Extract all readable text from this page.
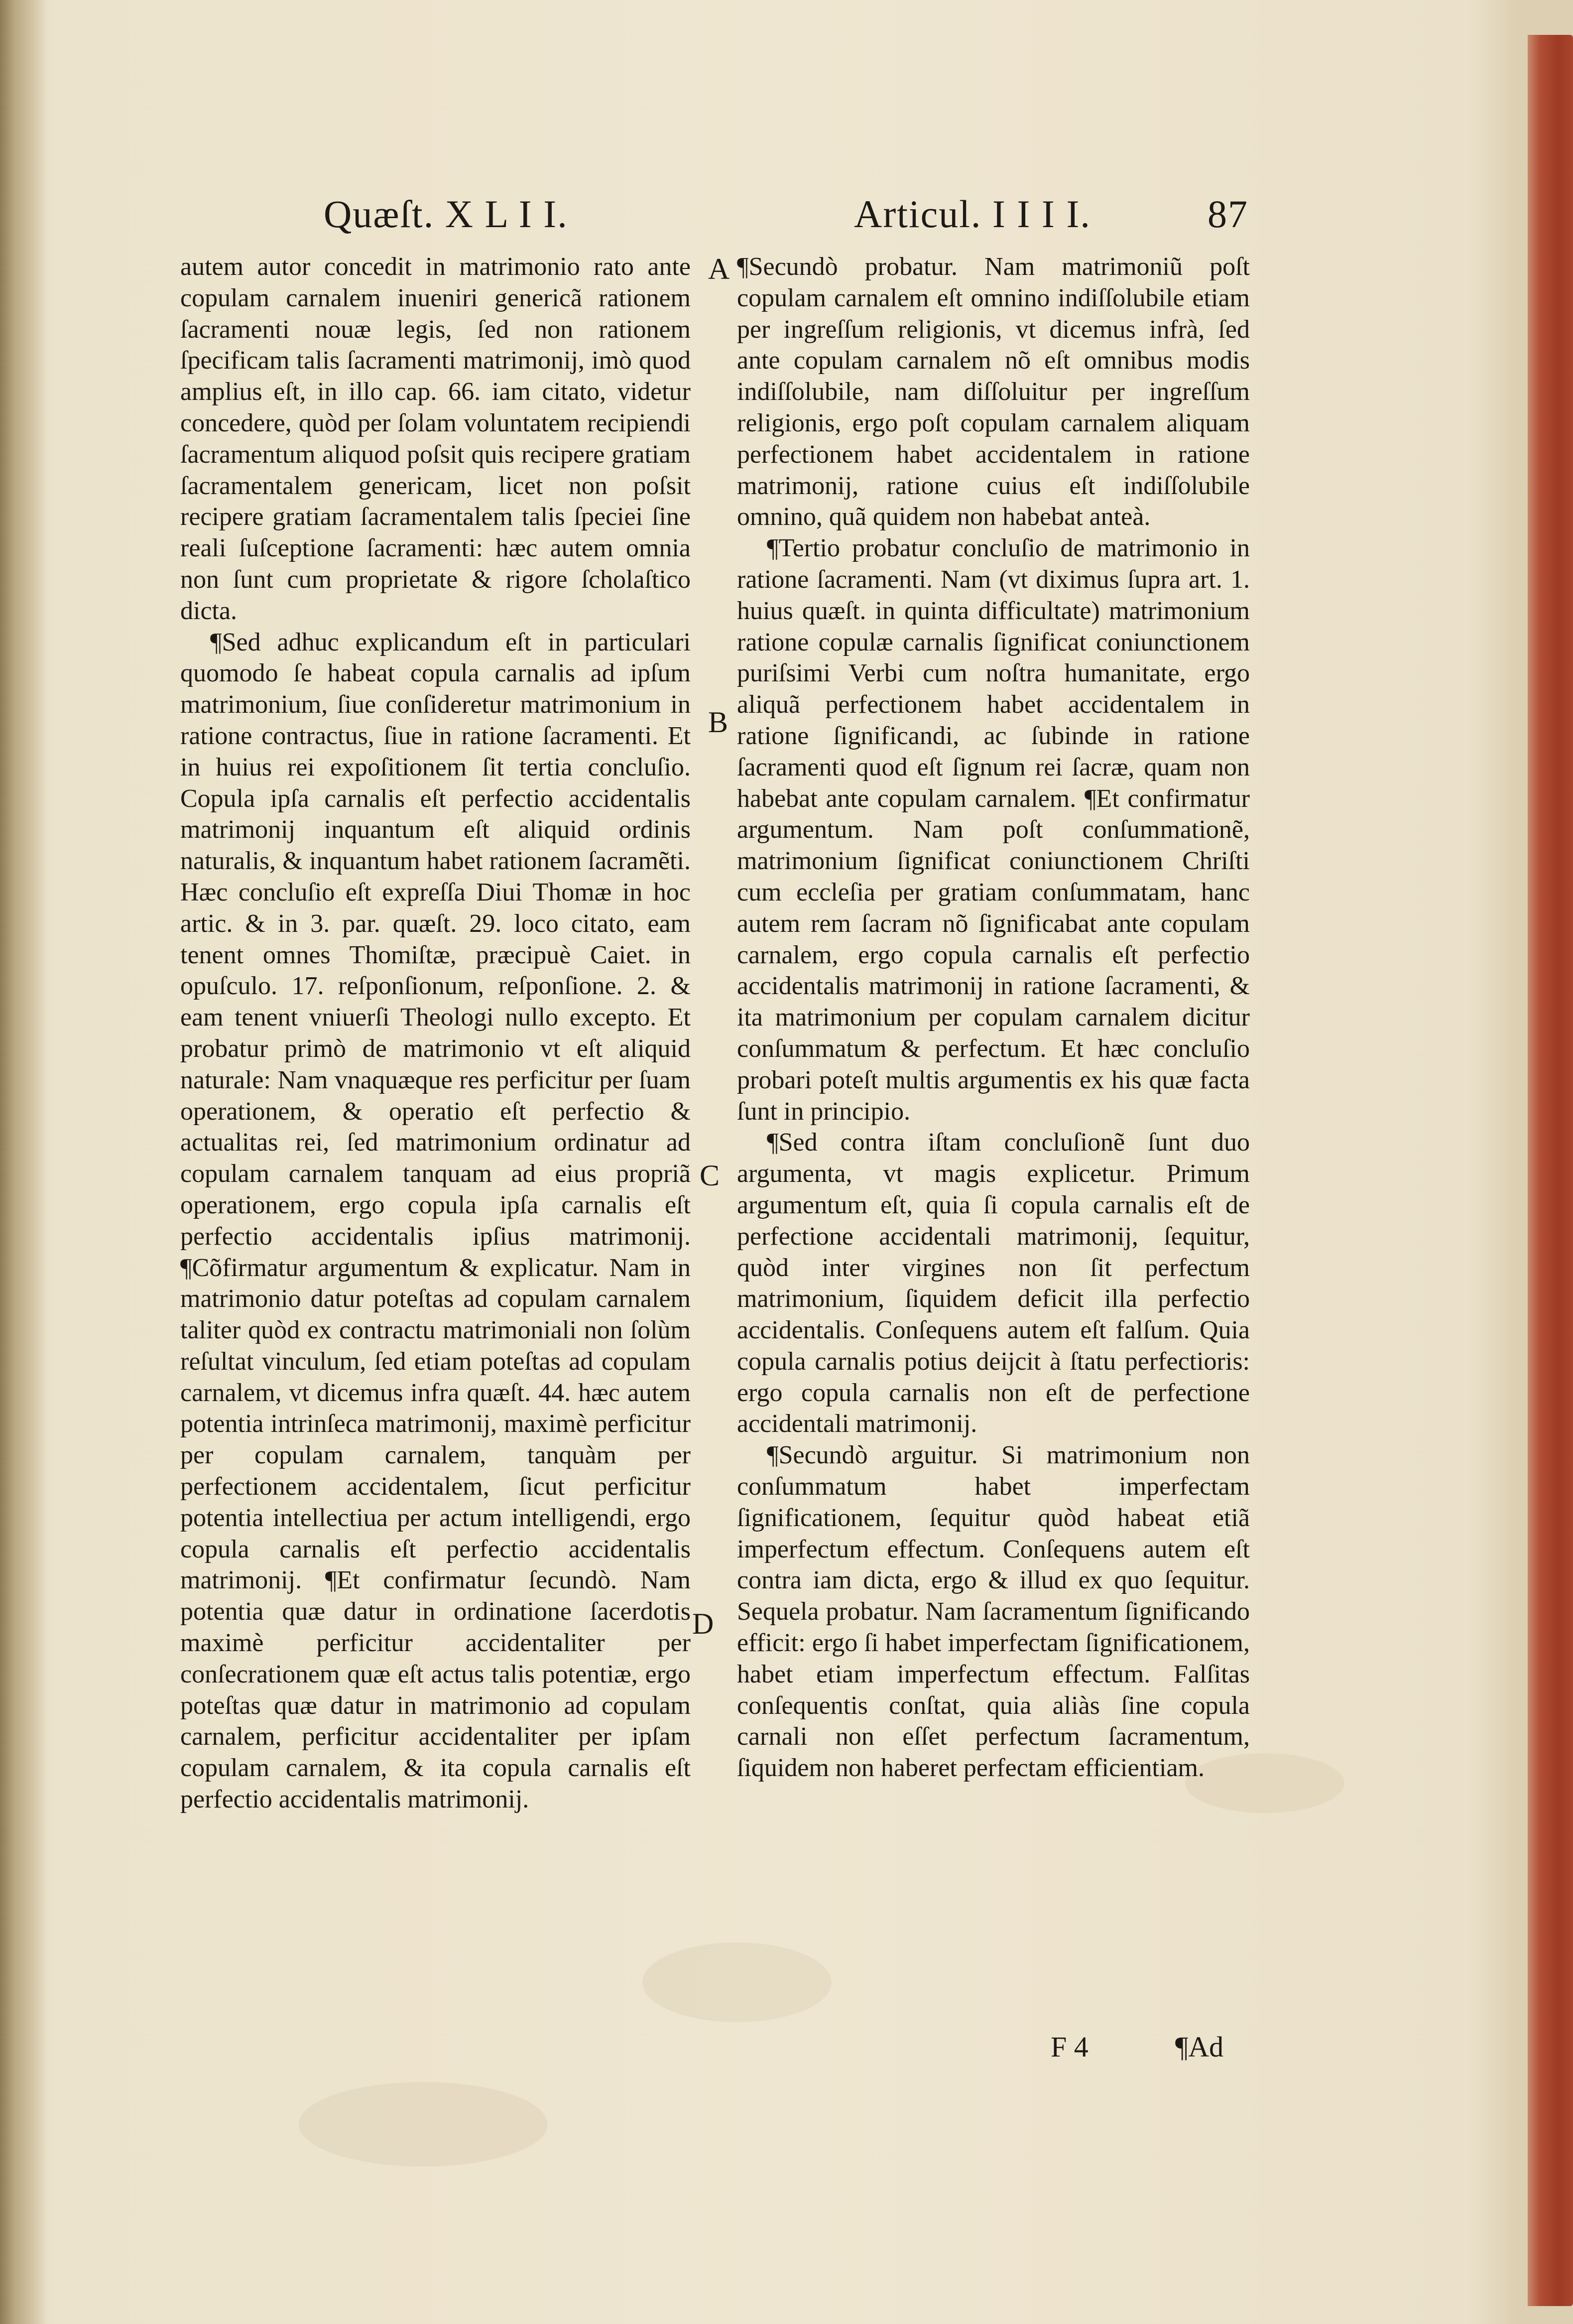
Quæſt. X L I I.	Articul. I I I I.	87

autem autor concedit in matrimonio rato ante copulam carnalem inueniri genericã rationem ſacramenti nouæ legis, ſed non rationem ſpecificam talis ſacramenti matrimonij, imò quod amplius eſt, in illo cap. 66. iam citato, videtur concedere, quòd per ſolam voluntatem recipiendi ſacramentum aliquod poſsit quis recipere gratiam ſacramentalem genericam, licet non poſsit recipere gratiam ſacramentalem talis ſpeciei ſine reali ſuſceptione ſacramenti: hæc autem omnia non ſunt cum proprietate & rigore ſcholaſtico dicta.

¶Sed adhuc explicandum eſt in particulari quomodo ſe habeat copula carnalis ad ipſum matrimonium, ſiue conſideretur matrimonium in ratione contractus, ſiue in ratione ſacramenti. Et in huius rei expoſitionem ſit tertia concluſio. Copula ipſa carnalis eſt perfectio accidentalis matrimonij inquantum eſt aliquid ordinis naturalis, & inquantum habet rationem ſacramẽti. Hæc concluſio eſt expreſſa Diui Thomæ in hoc artic. & in 3. par. quæſt. 29. loco citato, eam tenent omnes Thomiſtæ, præcipuè Caiet. in opuſculo. 17. reſponſionum, reſponſione. 2. & eam tenent vniuerſi Theologi nullo excepto. Et probatur primò de matrimonio vt eſt aliquid naturale: Nam vnaquæque res perficitur per ſuam operationem, & operatio eſt perfectio & actualitas rei, ſed matrimonium ordinatur ad copulam carnalem tanquam ad eius propriã operationem, ergo copula ipſa carnalis eſt perfectio accidentalis ipſius matrimonij. ¶Cõfirmatur argumentum & explicatur. Nam in matrimonio datur poteſtas ad copulam carnalem taliter quòd ex contractu matrimoniali non ſolùm reſultat vinculum, ſed etiam poteſtas ad copulam carnalem, vt dicemus infra quæſt. 44. hæc autem potentia intrinſeca matrimonij, maximè perficitur per copulam carnalem, tanquàm per perfectionem accidentalem, ſicut perficitur potentia intellectiua per actum intelligendi, ergo copula carnalis eſt perfectio accidentalis matrimonij. ¶Et confirmatur ſecundò. Nam potentia quæ datur in ordinatione ſacerdotis maximè perficitur accidentaliter per conſecrationem quæ eſt actus talis potentiæ, ergo poteſtas quæ datur in matrimonio ad copulam carnalem, perficitur accidentaliter per ipſam copulam carnalem, & ita copula carnalis eſt perfectio accidentalis matrimonij.

¶Secundò probatur. Nam matrimoniũ poſt copulam carnalem eſt omnino indiſſolubile etiam per ingreſſum religionis, vt dicemus infrà, ſed ante copulam carnalem nõ eſt omnibus modis indiſſolubile, nam diſſoluitur per ingreſſum religionis, ergo poſt copulam carnalem aliquam perfectionem habet accidentalem in ratione matrimonij, ratione cuius eſt indiſſolubile omnino, quã quidem non habebat anteà.

¶Tertio probatur concluſio de matrimonio in ratione ſacramenti. Nam (vt diximus ſupra art. 1. huius quæſt. in quinta difficultate) matrimonium ratione copulæ carnalis ſignificat coniunctionem puriſsimi Verbi cum noſtra humanitate, ergo aliquã perfectionem habet accidentalem in ratione ſignificandi, ac ſubinde in ratione ſacramenti quod eſt ſignum rei ſacræ, quam non habebat ante copulam carnalem. ¶Et confirmatur argumentum. Nam poſt conſummationẽ, matrimonium ſignificat coniunctionem Chriſti cum eccleſia per gratiam conſummatam, hanc autem rem ſacram nõ ſignificabat ante copulam carnalem, ergo copula carnalis eſt perfectio accidentalis matrimonij in ratione ſacramenti, & ita matrimonium per copulam carnalem dicitur conſummatum & perfectum. Et hæc concluſio probari poteſt multis argumentis ex his quæ facta ſunt in principio.

¶Sed contra iſtam concluſionẽ ſunt duo argumenta, vt magis explicetur. Primum argumentum eſt, quia ſi copula carnalis eſt de perfectione accidentali matrimonij, ſequitur, quòd inter virgines non ſit perfectum matrimonium, ſiquidem deficit illa perfectio accidentalis. Conſequens autem eſt falſum. Quia copula carnalis potius deijcit à ſtatu perfectioris: ergo copula carnalis non eſt de perfectione accidentali matrimonij.

¶Secundò arguitur. Si matrimonium non conſummatum habet imperfectam ſignificationem, ſequitur quòd habeat etiã imperfectum effectum. Conſequens autem eſt contra iam dicta, ergo & illud ex quo ſequitur. Sequela probatur. Nam ſacramentum ſignificando efficit: ergo ſi habet imperfectam ſignificationem, habet etiam imperfectum effectum. Falſitas conſequentis conſtat, quia aliàs ſine copula carnali non eſſet perfectum ſacramentum, ſiquidem non haberet perfectam efficientiam.

A
B
C
D
F 4	¶Ad
